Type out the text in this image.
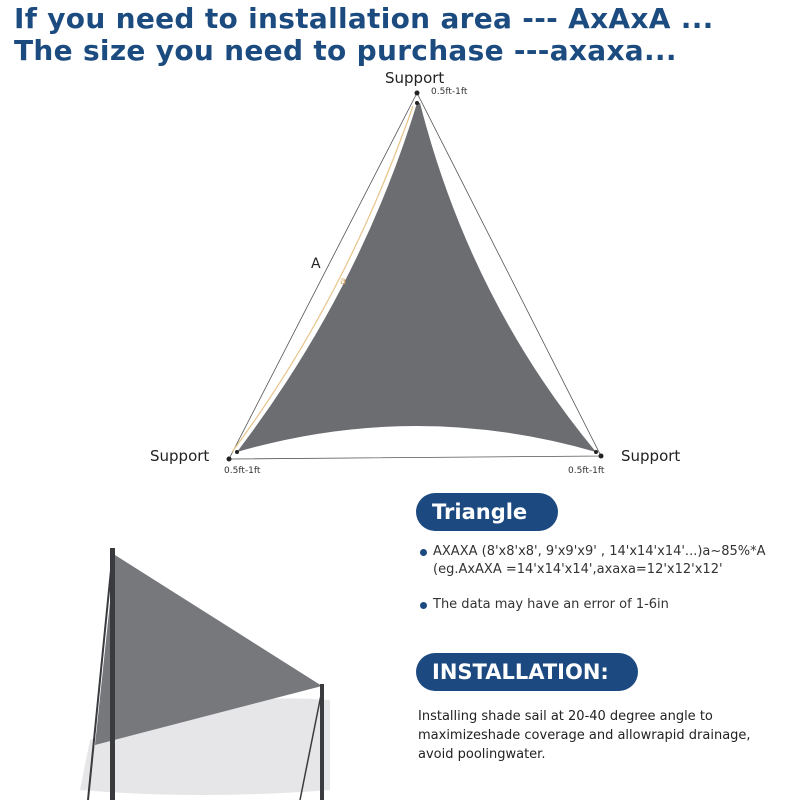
If you need to installation area --- AxAxA ...
The size you need to purchase ---axaxa...
Support
0.5ft-1ft
Support
0.5ft-1ft
Support
0.5ft-1ft
A
a
Triangle
AXAXA (8'x8'x8', 9'x9'x9' , 14'x14'x14'...)a~85%*A
(eg.AxAXA =14'x14'x14',axaxa=12'x12'x12'
The data may have an error of 1-6in
INSTALLATION:
Installing shade sail at 20-40 degree angle to maximizeshade coverage and allowrapid drainage, avoid poolingwater.
